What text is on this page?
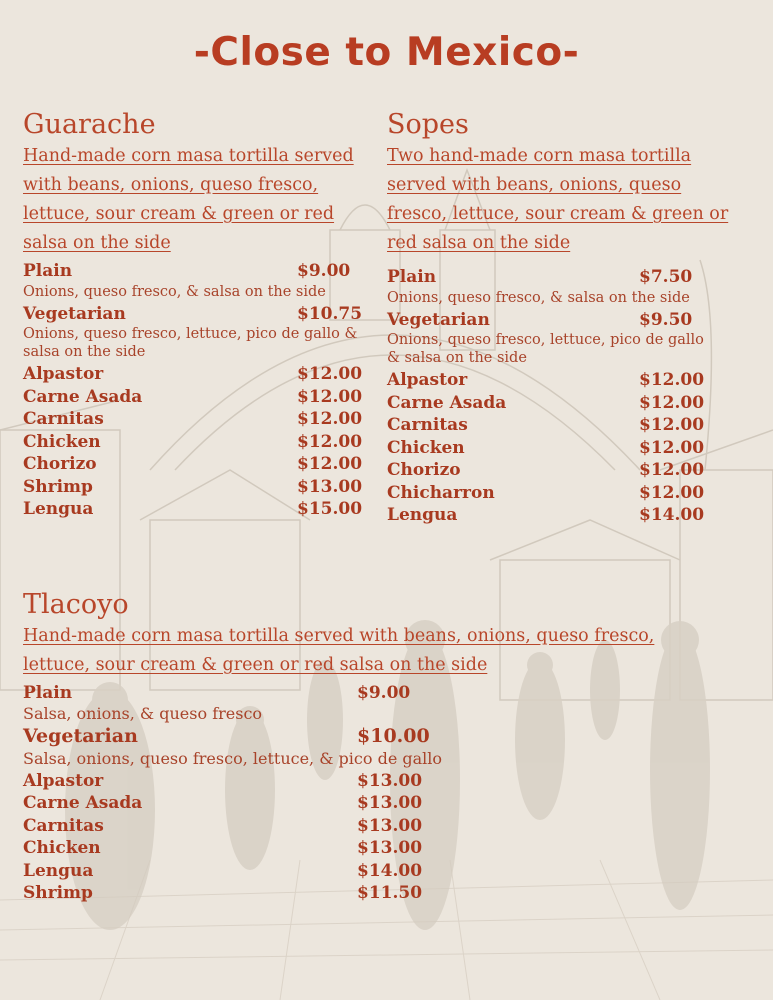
-Close to Mexico-
Guarache
Hand-made corn masa tortilla served with beans, onions, queso fresco, lettuce, sour cream & green or red salsa on the side
Plain	$9.00
Onions, queso fresco, & salsa on the side
Vegetarian	$10.75
Onions, queso fresco, lettuce, pico de gallo & salsa on the side
Alpastor	$12.00
Carne Asada	$12.00
Carnitas	$12.00
Chicken	$12.00
Chorizo	$12.00
Shrimp	$13.00
Lengua	$15.00
Sopes
Two hand-made corn masa tortilla served with beans, onions, queso fresco, lettuce, sour cream & green or red salsa on the side
Plain	$7.50
Onions, queso fresco, & salsa on the side
Vegetarian	$9.50
Onions, queso fresco, lettuce, pico de gallo & salsa on the side
Alpastor	$12.00
Carne Asada	$12.00
Carnitas	$12.00
Chicken	$12.00
Chorizo	$12.00
Chicharron	$12.00
Lengua	$14.00
Tlacoyo
Hand-made corn masa tortilla served with beans, onions, queso fresco, lettuce, sour cream & green or red salsa on the side
Plain	$9.00
Salsa, onions, & queso fresco
Vegetarian	$10.00
Salsa, onions, queso fresco, lettuce, & pico de gallo
Alpastor	$13.00
Carne Asada	$13.00
Carnitas	$13.00
Chicken	$13.00
Lengua	$14.00
Shrimp	$11.50
